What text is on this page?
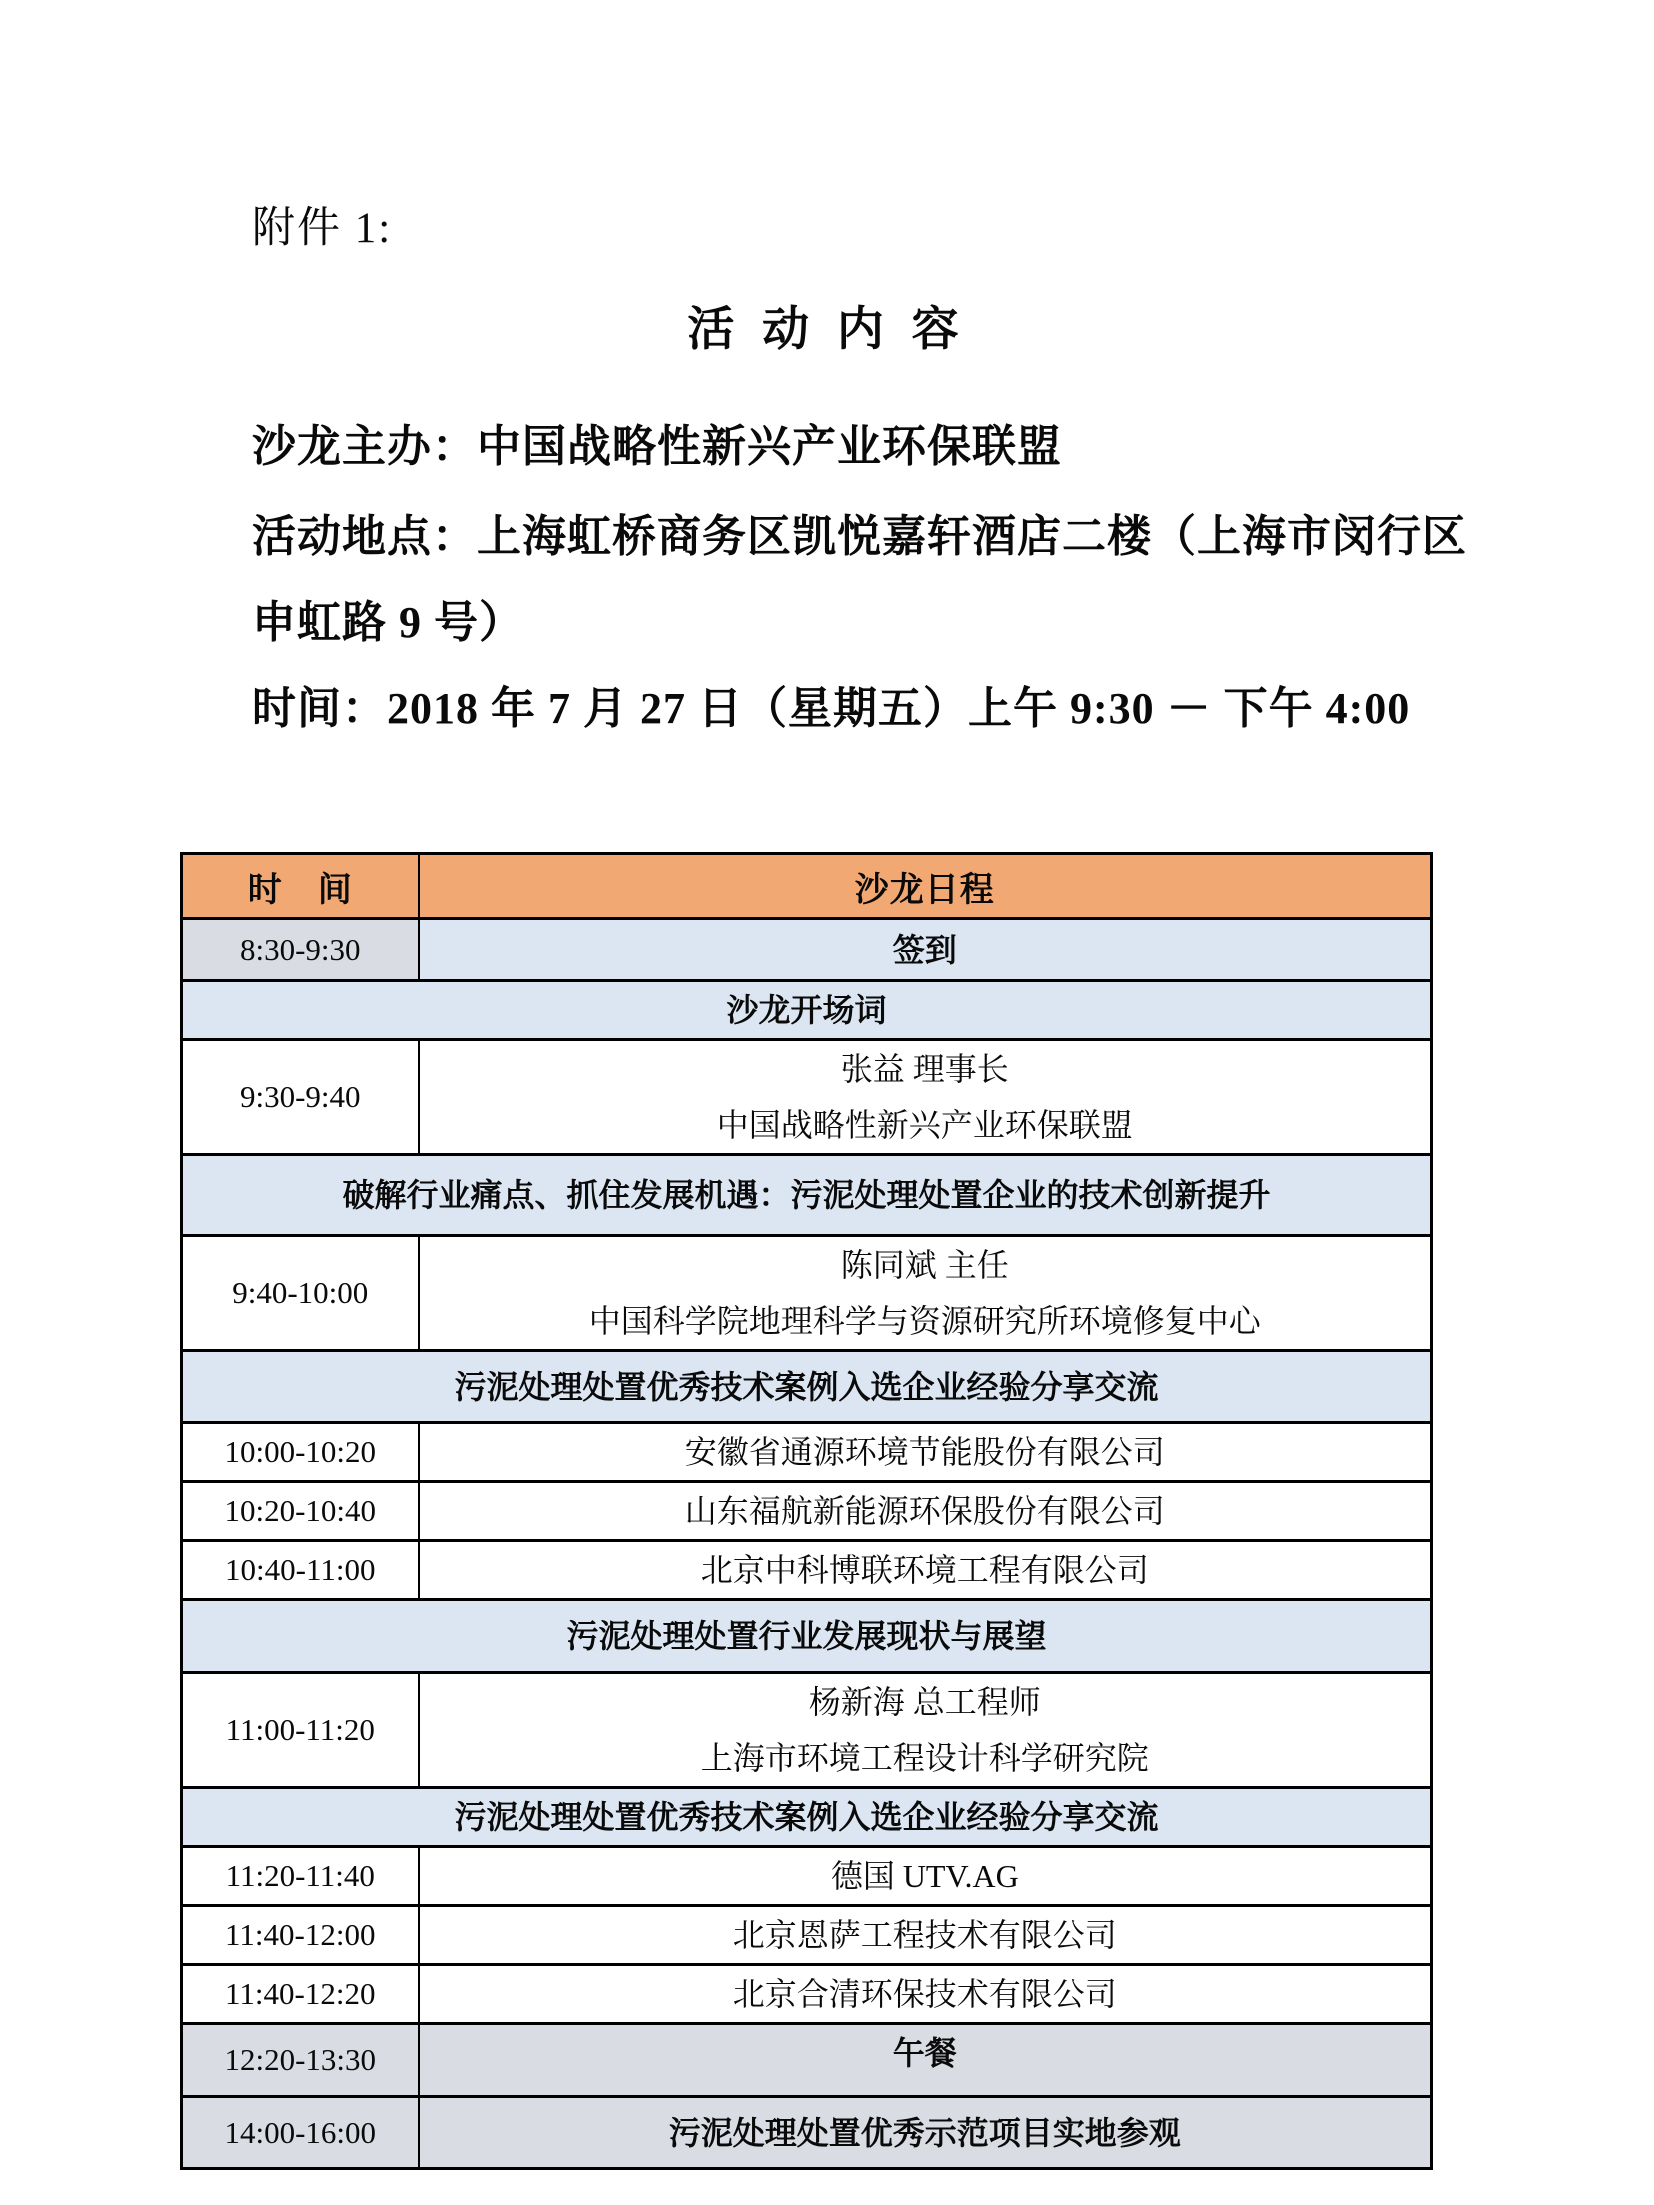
附件 1:
活 动 内 容
沙龙主办：中国战略性新兴产业环保联盟
活动地点：上海虹桥商务区凯悦嘉轩酒店二楼（上海市闵行区
申虹路 9 号）
时间：2018 年 7 月 27 日（星期五）上午 9:30 － 下午 4:00
时　间	沙龙日程
8:30-9:30	签到

沙龙开场词	

9:30-9:40	张益 理事长
中国战略性新兴产业环保联盟

破解行业痛点、抓住发展机遇：污泥处理处置企业的技术创新提升	

9:40-10:00	陈同斌 主任
中国科学院地理科学与资源研究所环境修复中心

污泥处理处置优秀技术案例入选企业经验分享交流	

10:00-10:20	安徽省通源环境节能股份有限公司

10:20-10:40	山东福航新能源环保股份有限公司

10:40-11:00	北京中科博联环境工程有限公司

污泥处理处置行业发展现状与展望	

11:00-11:20	杨新海 总工程师
上海市环境工程设计科学研究院

污泥处理处置优秀技术案例入选企业经验分享交流	

11:20-11:40	德国 UTV.AG

11:40-12:00	北京恩萨工程技术有限公司

11:40-12:20	北京合清环保技术有限公司

12:20-13:30	午餐

14:00-16:00	污泥处理处置优秀示范项目实地参观
